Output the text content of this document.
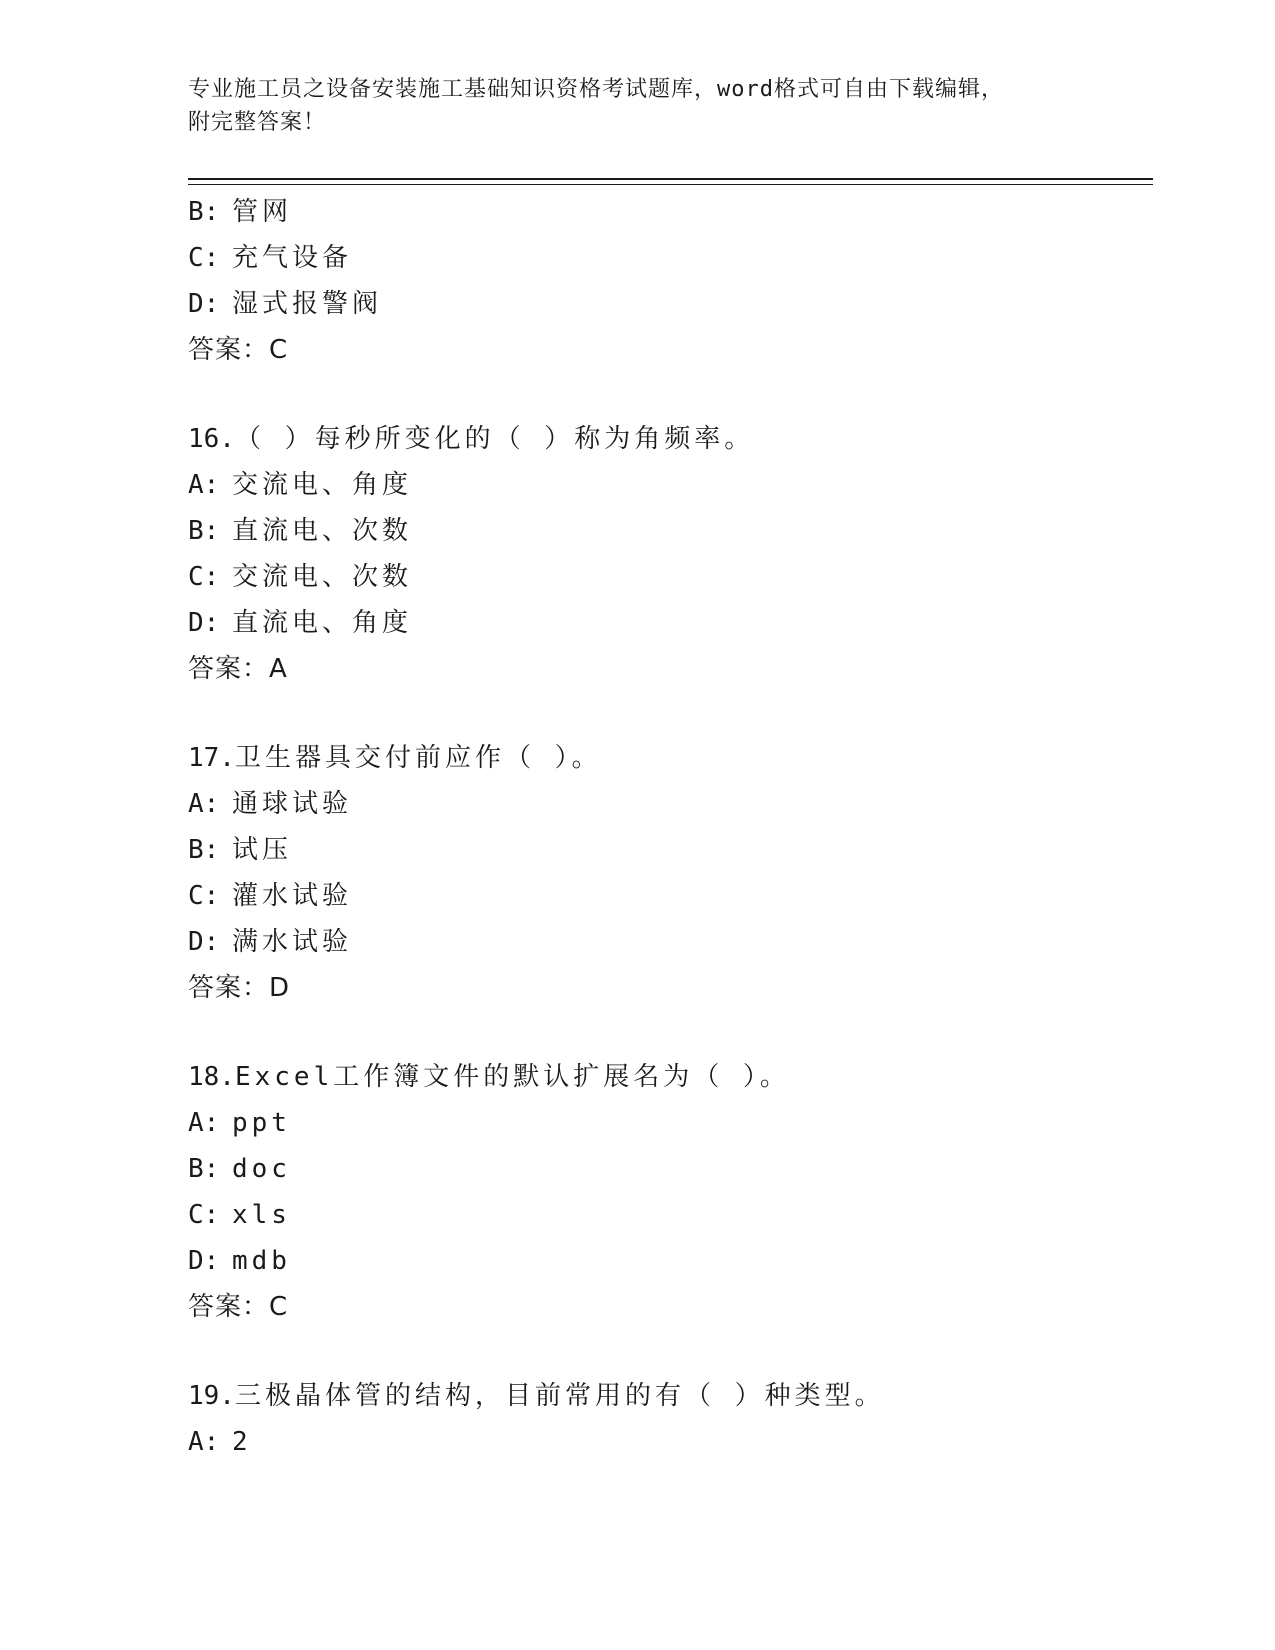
专业施工员之设备安装施工基础知识资格考试题库，word格式可自由下载编辑，
附完整答案！
B: 管网
C: 充气设备
D: 湿式报警阀
答案：C
16.（ ）每秒所变化的（ ）称为角频率。
A: 交流电、角度
B: 直流电、次数
C: 交流电、次数
D: 直流电、角度
答案：A
17.卫生器具交付前应作（ ）。
A: 通球试验
B: 试压
C: 灌水试验
D: 满水试验
答案：D
18.Excel工作簿文件的默认扩展名为（ ）。
A: ppt
B: doc
C: xls
D: mdb
答案：C
19.三极晶体管的结构，目前常用的有（ ）种类型。
A: 2
